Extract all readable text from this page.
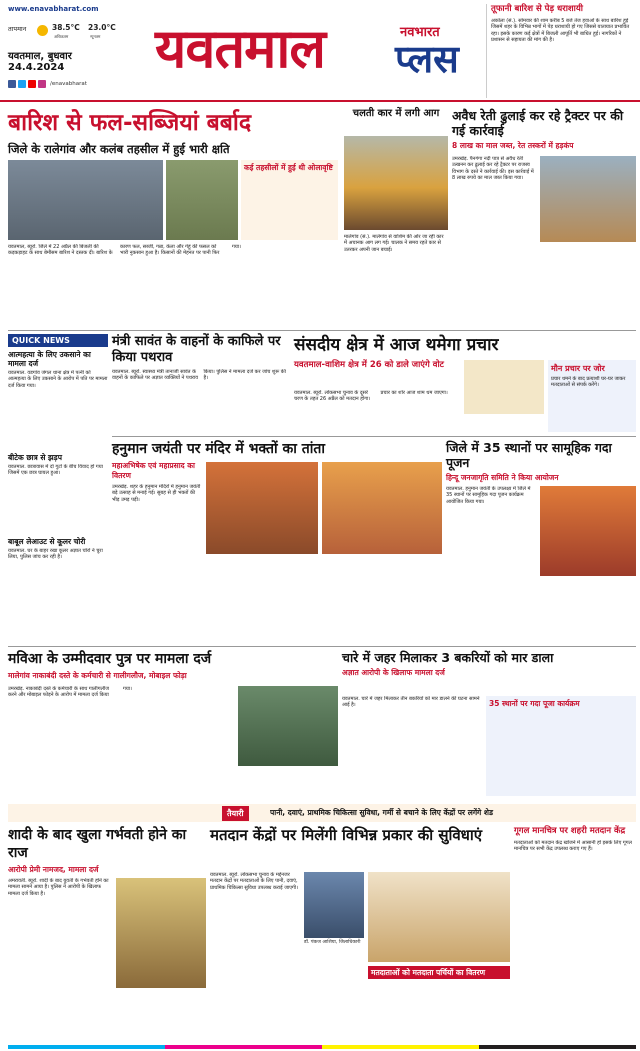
www.enavabharat.com
तापमान	38.5°C
अधिकतम
23.0°C
न्यूनतम
यवतमाल, बुधवार
24.4.2024
/enavabharat
यवतमाल	नवभारत
प्लस
तूफानी बारिश से पेड़ धराशायी
अकोला (सं.). सोमवार की शाम करीब 5 बजे तेज हवाओं के साथ बारिश हुई जिसमें शहर के विभिन्न भागों में पेड़ धराशायी हो गए जिससे यातायात प्रभावित रहा। इसके कारण कई क्षेत्रों में बिजली आपूर्ति भी बाधित हुई। नागरिकों ने प्रशासन से सहायता की मांग की है।
बारिश से फल-सब्जियां बर्बाद
जिले के रालेगांव और कलंब तहसील में हुई भारी क्षति
कई तहसीलों में हुई थी ओलावृष्टि
यवतमाल, ब्यूरो. जिले में 22 अप्रैल की बिजली की कड़कड़ाहट के साथ बेमौसम बारिश ने दस्तक दी। बारिश के कारण फल, सब्जी, गन्ना, केला और गेहूं की फसल को भारी नुकसान हुआ है। किसानों की मेहनत पर पानी फिर गया।
चलती कार में लगी आग
मालेगांव (सं.). मालेगांव से वाशिम की ओर जा रही कार में अचानक आग लग गई। चालक ने समय रहते कार से उतरकर अपनी जान बचाई।
अवैध रेती ढुलाई कर रहे ट्रैक्टर पर की गई कार्रवाई
8 लाख का माल जब्त, रेत तस्करों में हड़कंप
उमरखेड़. पैनगंगा नदी पात्र से अवैध रेती उत्खनन कर ढुलाई कर रहे ट्रैक्टर पर राजस्व विभाग के दस्ते ने कार्रवाई की। इस कार्रवाई में 8 लाख रुपये का माल जब्त किया गया।
QUICK NEWS
आत्महत्या के लिए उकसाने का मामला दर्ज
यवतमाल. वडगांव जंगल थाना क्षेत्र में पत्नी को आत्महत्या के लिए उकसाने के आरोप में पति पर मामला दर्ज किया गया।
बीटेक छात्र से झड़प
यवतमाल. छात्रावास में दो गुटों के बीच विवाद हो गया जिसमें एक छात्र घायल हुआ।
बाबूल लेआउट से कूलर चोरी
यवतमाल. घर के बाहर रखा कूलर अज्ञात चोरों ने चुरा लिया, पुलिस जांच कर रही है।
मंत्री सावंत के वाहनों के काफिले पर किया पथराव
यवतमाल. ब्यूरो. स्वास्थ्य मंत्री तानाजी सावंत के वाहनों के काफिले पर अज्ञात व्यक्तियों ने पथराव किया। पुलिस ने मामला दर्ज कर जांच शुरू की है।
संसदीय क्षेत्र में आज थमेगा प्रचार
यवतमाल-वाशिम क्षेत्र में 26 को डाले जाएंगे वोट
यवतमाल. ब्यूरो. लोकसभा चुनाव के दूसरे चरण के तहत 26 अप्रैल को मतदान होगा। प्रचार का शोर आज शाम थम जाएगा।
मौन प्रचार पर जोर
प्रचार थमने के बाद प्रत्याशी घर-घर जाकर मतदाताओं से संपर्क करेंगे।
हनुमान जयंती पर मंदिर में भक्तों का तांता
महाअभिषेक एवं महाप्रसाद का वितरण
उमरखेड़. शहर के हनुमान मंदिरों में हनुमान जयंती बड़े उत्साह से मनाई गई। सुबह से ही भक्तों की भीड़ उमड़ पड़ी।
जिले में 35 स्थानों पर सामूहिक गदा पूजन
हिन्दू जनजागृति समिति ने किया आयोजन
यवतमाल. हनुमान जयंती के उपलक्ष्य में जिले में 35 स्थानों पर सामूहिक गदा पूजन कार्यक्रम आयोजित किया गया।
मविआ के उम्मीदवार पुत्र पर मामला दर्ज
मालेगांव नाकाबंदी दस्ते के कर्मचारी से गालीगलौज, मोबाइल फोड़ा
उमरखेड़. नाकाबंदी दस्ते के कर्मचारी के साथ गालीगलौज करने और मोबाइल फोड़ने के आरोप में मामला दर्ज किया गया।
चारे में जहर मिलाकर 3 बकरियों को मार डाला
अज्ञात आरोपी के खिलाफ मामला दर्ज
यवतमाल. चारे में जहर मिलाकर तीन बकरियों को मार डालने की घटना सामने आई है।	35 स्थानों पर गदा पूजा कार्यक्रम
तैयारी	पानी, दवाएं, प्राथमिक चिकित्सा सुविधा, गर्मी से बचाने के लिए केंद्रों पर लगेंगे शेड
शादी के बाद खुला गर्भवती होने का राज
आरोपी प्रेमी नामजद, मामला दर्ज
अमरावती. ब्यूरो. शादी के बाद युवती के गर्भवती होने का मामला सामने आया है। पुलिस ने आरोपी के खिलाफ मामला दर्ज किया है।
मतदान केंद्रों पर मिलेंगी विभिन्न प्रकार की सुविधाएं
यवतमाल. ब्यूरो. लोकसभा चुनाव के मद्देनजर मतदान केंद्रों पर मतदाताओं के लिए पानी, दवाएं, प्राथमिक चिकित्सा सुविधा उपलब्ध कराई जाएगी।
डॉ. पंकज आशिया, जिलाधिकारी
मतदाताओं को मतदाता पर्चियों का वितरण
गूगल मानचित्र पर शहरी मतदान केंद्र
मतदाताओं को मतदान केंद्र खोजने में आसानी हो इसके लिए गूगल मानचित्र पर सभी केंद्र उपलब्ध कराए गए हैं।
